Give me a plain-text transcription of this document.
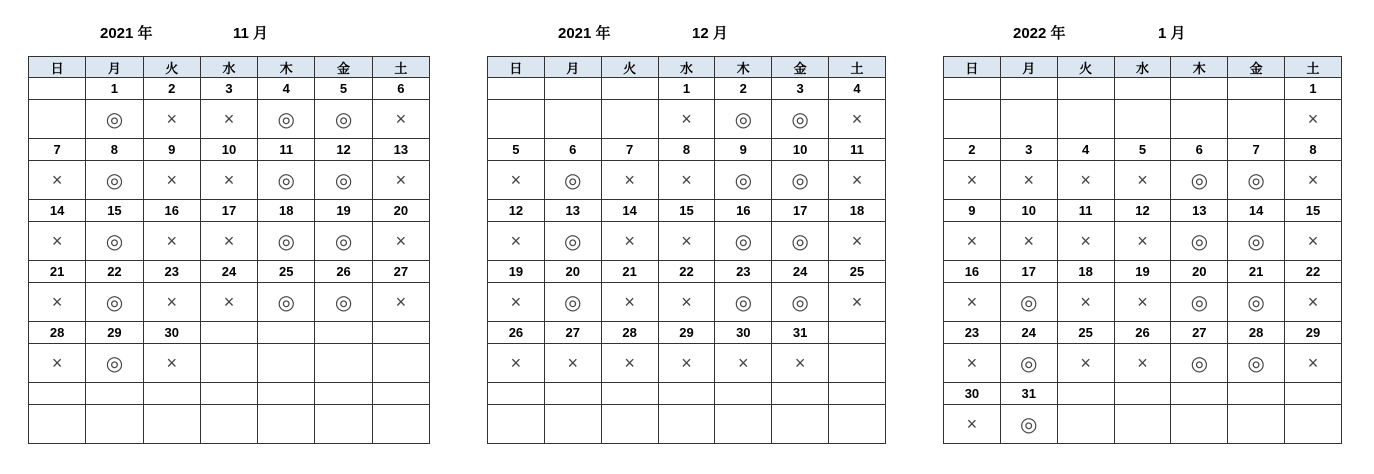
2021 年	11 月
日	月	火	水	木	金	土
	1	2	3	4	5	6
	◎	×	×	◎	◎	×
7	8	9	10	11	12	13
×	◎	×	×	◎	◎	×
14	15	16	17	18	19	20
×	◎	×	×	◎	◎	×
21	22	23	24	25	26	27
×	◎	×	×	◎	◎	×
28	29	30				
×	◎	×				

2021 年	12 月
日	月	火	水	木	金	土
			1	2	3	4
			×	◎	◎	×
5	6	7	8	9	10	11
×	◎	×	×	◎	◎	×
12	13	14	15	16	17	18
×	◎	×	×	◎	◎	×
19	20	21	22	23	24	25
×	◎	×	×	◎	◎	×
26	27	28	29	30	31	
×	×	×	×	×	×	

2022 年	1 月
日	月	火	水	木	金	土
						1
						×
2	3	4	5	6	7	8
×	×	×	×	◎	◎	×
9	10	11	12	13	14	15
×	×	×	×	◎	◎	×
16	17	18	19	20	21	22
×	◎	×	×	◎	◎	×
23	24	25	26	27	28	29
×	◎	×	×	◎	◎	×
30	31					
×	◎					
